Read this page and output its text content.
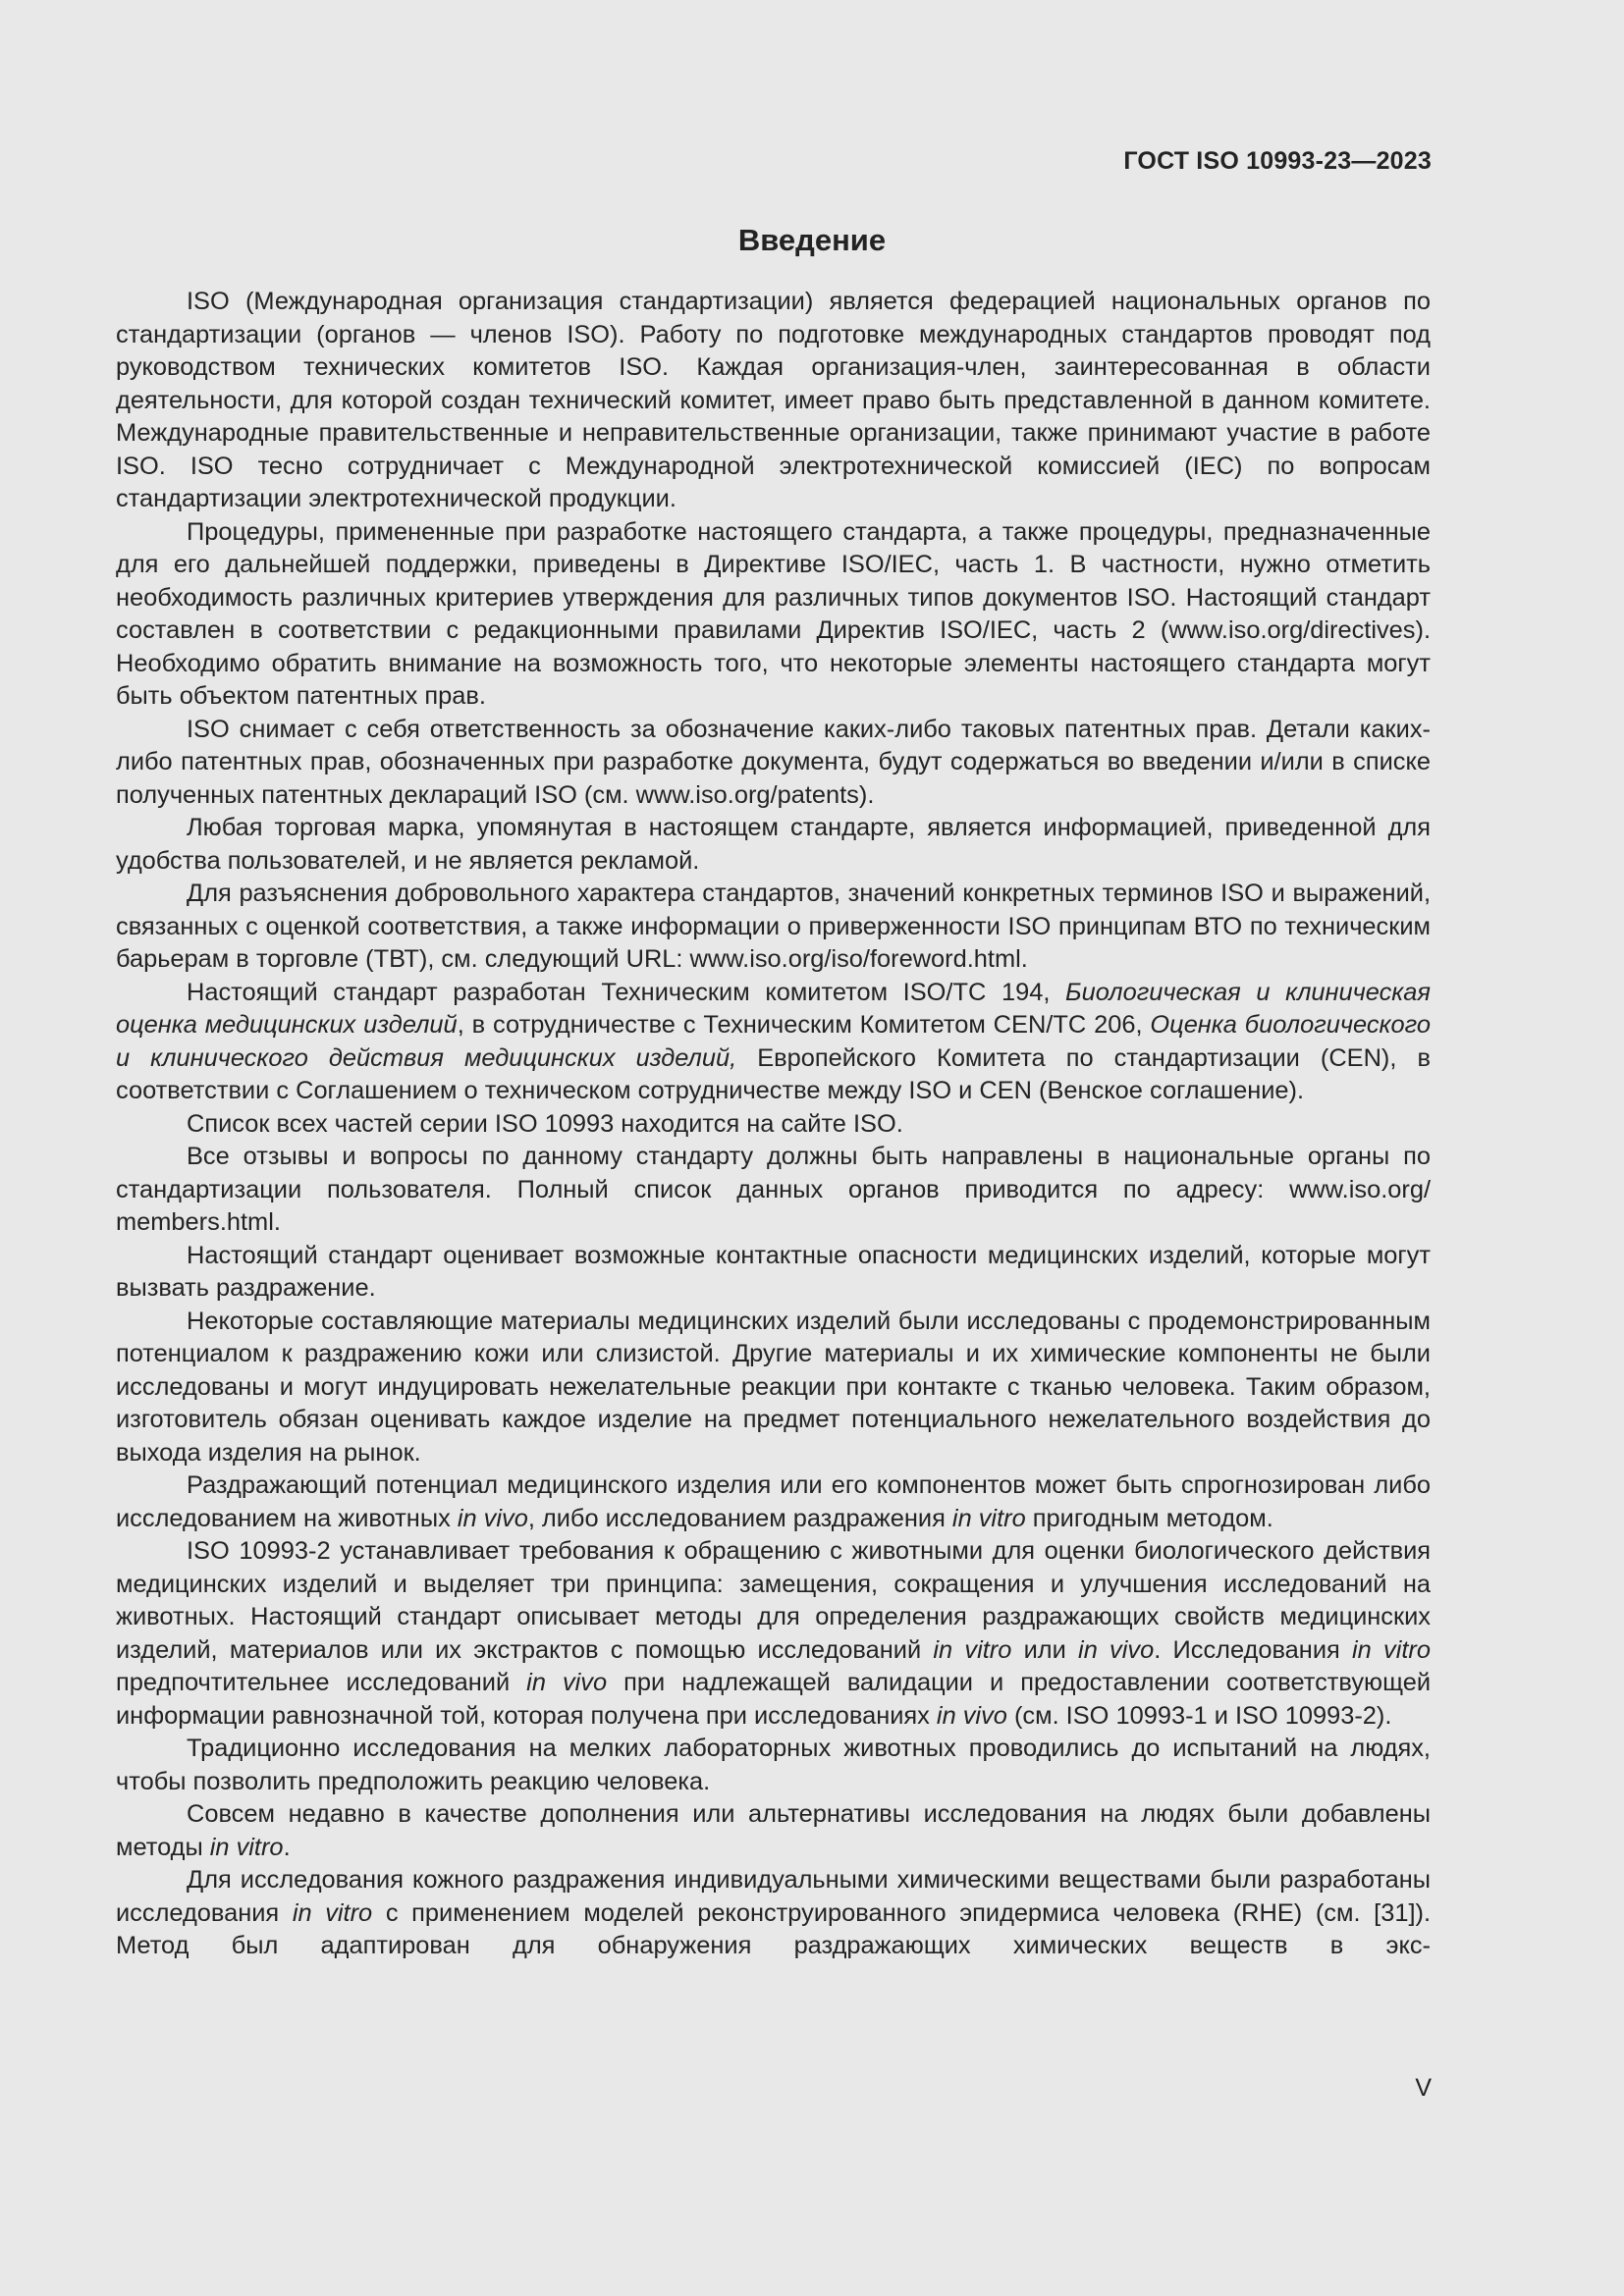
ГОСТ ISO 10993-23—2023
Введение

ISO (Международная организация стандартизации) является федерацией национальных органов по стандартизации (органов — членов ISO). Работу по подготовке международных стандартов проводят под руководством технических комитетов ISO. Каждая организация-член, заинтересованная в области деятельности, для которой создан технический комитет, имеет право быть представленной в данном комитете. Международные правительственные и неправительственные организации, также принимают участие в работе ISO. ISO тесно сотрудничает с Международной электротехнической комиссией (IEC) по вопросам стандартизации электротехнической продукции.

Процедуры, примененные при разработке настоящего стандарта, а также процедуры, предназначенные для его дальнейшей поддержки, приведены в Директиве ISO/IEC, часть 1. В частности, нужно отметить необходимость различных критериев утверждения для различных типов документов ISO. Настоящий стандарт составлен в соответствии с редакционными правилами Директив ISO/IEC, часть 2 (www.iso.org/directives). Необходимо обратить внимание на возможность того, что некоторые элементы настоящего стандарта могут быть объектом патентных прав.

ISO снимает с себя ответственность за обозначение каких-либо таковых патентных прав. Детали каких-либо патентных прав, обозначенных при разработке документа, будут содержаться во введении и/или в списке полученных патентных деклараций ISO (см. www.iso.org/patents).

Любая торговая марка, упомянутая в настоящем стандарте, является информацией, приведенной для удобства пользователей, и не является рекламой.

Для разъяснения добровольного характера стандартов, значений конкретных терминов ISO и выражений, связанных с оценкой соответствия, а также информации о приверженности ISO принципам ВТО по техническим барьерам в торговле (ТВТ), см. следующий URL: www.iso.org/iso/foreword.html.

Настоящий стандарт разработан Техническим комитетом ISO/TC 194, Биологическая и клиническая оценка медицинских изделий, в сотрудничестве с Техническим Комитетом CEN/TC 206, Оценка биологического и клинического действия медицинских изделий, Европейского Комитета по стандартизации (CEN), в соответствии с Соглашением о техническом сотрудничестве между ISO и CEN (Венское соглашение).

Список всех частей серии ISO 10993 находится на сайте ISO.

Все отзывы и вопросы по данному стандарту должны быть направлены в национальные органы по стандартизации пользователя. Полный список данных органов приводится по адресу: www.iso.org/ members.html.

Настоящий стандарт оценивает возможные контактные опасности медицинских изделий, которые могут вызвать раздражение.

Некоторые составляющие материалы медицинских изделий были исследованы с продемонстрированным потенциалом к раздражению кожи или слизистой. Другие материалы и их химические компоненты не были исследованы и могут индуцировать нежелательные реакции при контакте с тканью человека. Таким образом, изготовитель обязан оценивать каждое изделие на предмет потенциального нежелательного воздействия до выхода изделия на рынок.

Раздражающий потенциал медицинского изделия или его компонентов может быть спрогнозирован либо исследованием на животных in vivo, либо исследованием раздражения in vitro пригодным методом.

ISO 10993-2 устанавливает требования к обращению с животными для оценки биологического действия медицинских изделий и выделяет три принципа: замещения, сокращения и улучшения исследований на животных. Настоящий стандарт описывает методы для определения раздражающих свойств медицинских изделий, материалов или их экстрактов с помощью исследований in vitro или in vivo. Исследования in vitro предпочтительнее исследований in vivo при надлежащей валидации и предоставлении соответствующей информации равнозначной той, которая получена при исследованиях in vivo (см. ISO 10993-1 и ISO 10993-2).

Традиционно исследования на мелких лабораторных животных проводились до испытаний на людях, чтобы позволить предположить реакцию человека.

Совсем недавно в качестве дополнения или альтернативы исследования на людях были добавлены методы in vitro.

Для исследования кожного раздражения индивидуальными химическими веществами были разработаны исследования in vitro с применением моделей реконструированного эпидермиса человека (RHE) (см. [31]). Метод был адаптирован для обнаружения раздражающих химических веществ в экс-

V
